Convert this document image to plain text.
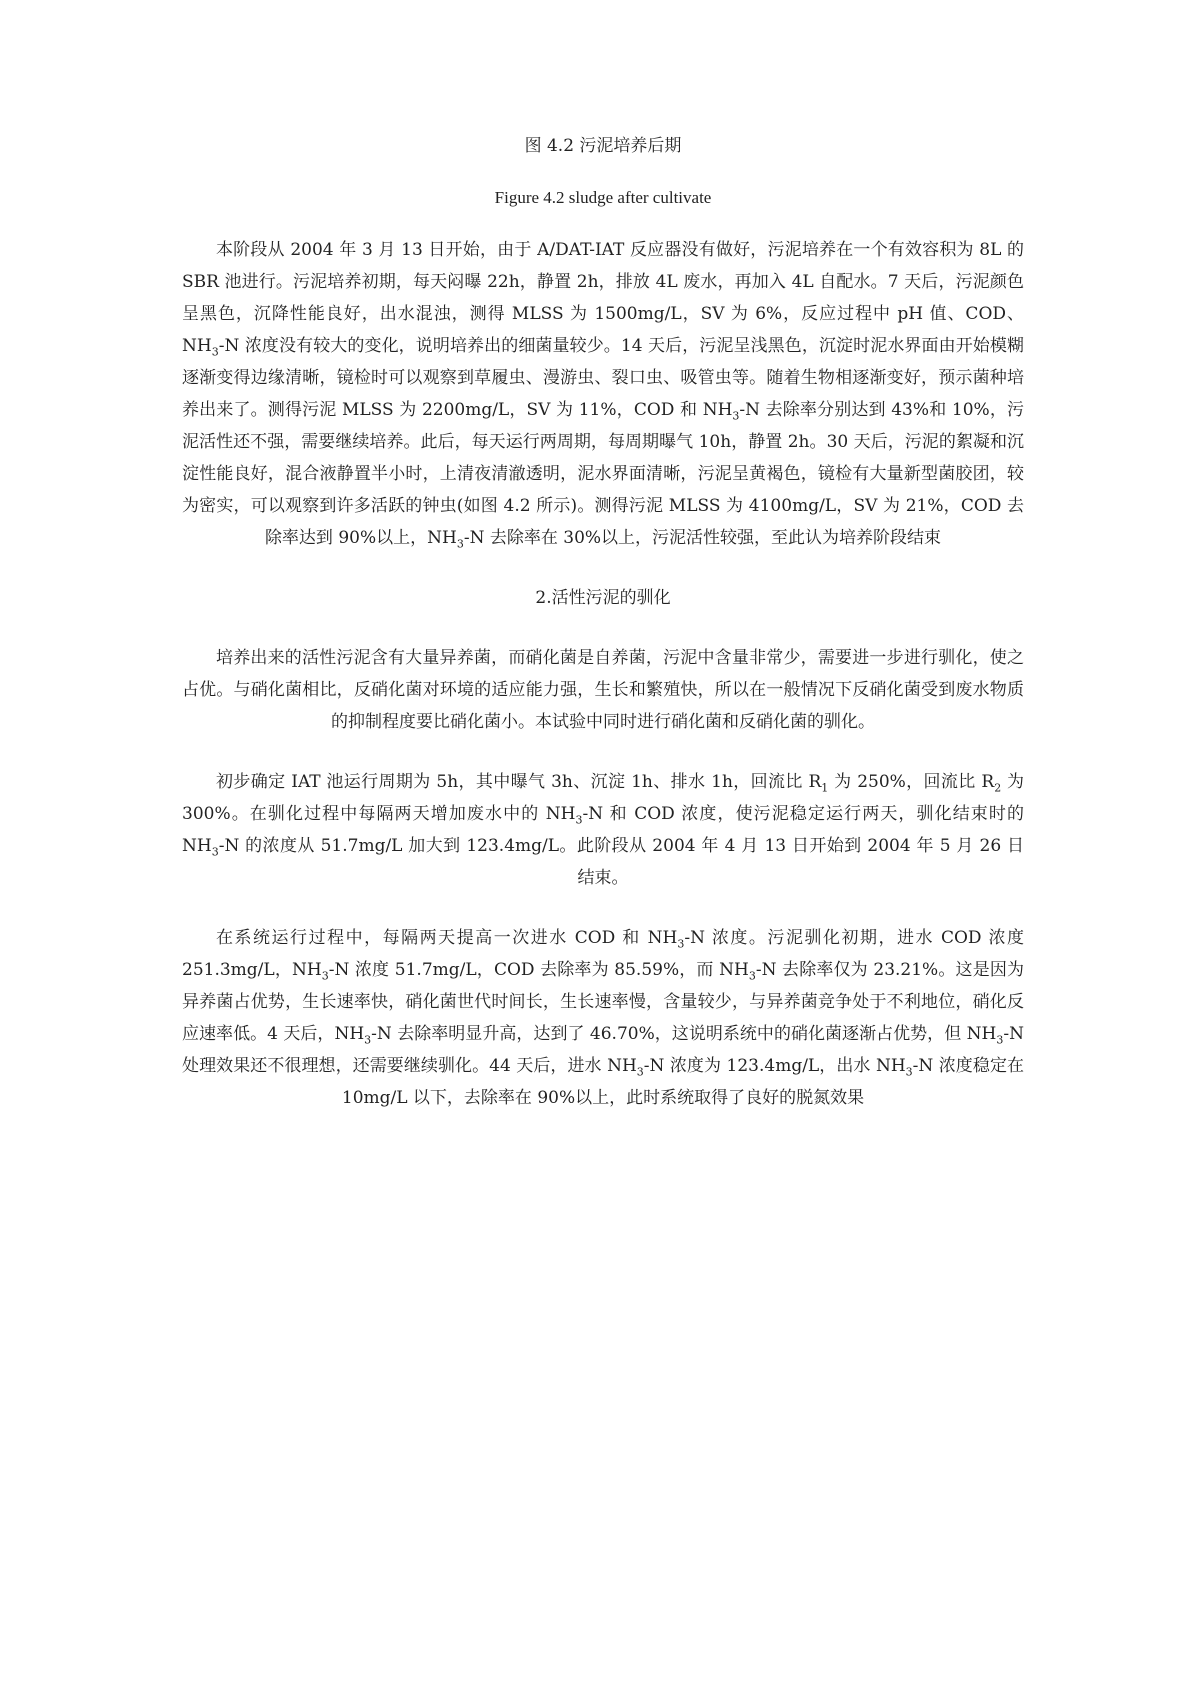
图 4.2 污泥培养后期

Figure 4.2 sludge after cultivate

本阶段从 2004 年 3 月 13 日开始，由于 A/DAT-IAT 反应器没有做好，污泥培养在一个有效容积为 8L 的 SBR 池进行。污泥培养初期，每天闷曝 22h，静置 2h，排放 4L 废水，再加入 4L 自配水。7 天后，污泥颜色呈黑色，沉降性能良好，出水混浊，测得 MLSS 为 1500mg/L，SV 为 6%，反应过程中 pH 值、COD、$NH_3-N$ 浓度没有较大的变化，说明培养出的细菌量较少。14 天后，污泥呈浅黑色，沉淀时泥水界面由开始模糊逐渐变得边缘清晰，镜检时可以观察到草履虫、漫游虫、裂口虫、吸管虫等。随着生物相逐渐变好，预示菌种培养出来了。测得污泥 MLSS 为 2200mg/L，SV 为 11%，COD 和 $NH_3-N$ 去除率分别达到 43%和 10%，污泥活性还不强，需要继续培养。此后，每天运行两周期，每周期曝气 10h，静置 2h。30 天后，污泥的絮凝和沉淀性能良好，混合液静置半小时，上清夜清澈透明，泥水界面清晰，污泥呈黄褐色，镜检有大量新型菌胶团，较为密实，可以观察到许多活跃的钟虫(如图 4.2 所示)。测得污泥 MLSS 为 4100mg/L，SV 为 21%，COD 去除率达到 90%以上，$NH_3-N$ 去除率在 30%以上，污泥活性较强，至此认为培养阶段结束

2.活性污泥的驯化

培养出来的活性污泥含有大量异养菌，而硝化菌是自养菌，污泥中含量非常少，需要进一步进行驯化，使之占优。与硝化菌相比，反硝化菌对环境的适应能力强，生长和繁殖快，所以在一般情况下反硝化菌受到废水物质的抑制程度要比硝化菌小。本试验中同时进行硝化菌和反硝化菌的驯化。

初步确定 IAT 池运行周期为 5h，其中曝气 3h、沉淀 1h、排水 1h，回流比 $R_1$ 为 250%，回流比 $R_2$ 为 300%。在驯化过程中每隔两天增加废水中的 $NH_3-N$ 和 COD 浓度，使污泥稳定运行两天，驯化结束时的 $NH_3-N$ 的浓度从 51.7mg/L 加大到 123.4mg/L。此阶段从 2004 年 4 月 13 日开始到 2004 年 5 月 26 日结束。

在系统运行过程中，每隔两天提高一次进水 COD 和 $NH_3-N$ 浓度。污泥驯化初期，进水 COD 浓度 251.3mg/L，$NH_3-N$ 浓度 51.7mg/L，COD 去除率为 85.59%，而 $NH_3-N$ 去除率仅为 23.21%。这是因为异养菌占优势，生长速率快，硝化菌世代时间长，生长速率慢，含量较少，与异养菌竞争处于不利地位，硝化反应速率低。4 天后，$NH_3-N$ 去除率明显升高，达到了 46.70%，这说明系统中的硝化菌逐渐占优势，但 $NH_3-N$ 处理效果还不很理想，还需要继续驯化。44 天后，进水 $NH_3-N$ 浓度为 123.4mg/L，出水 $NH_3-N$ 浓度稳定在 10mg/L 以下，去除率在 90%以上，此时系统取得了良好的脱氮效果
